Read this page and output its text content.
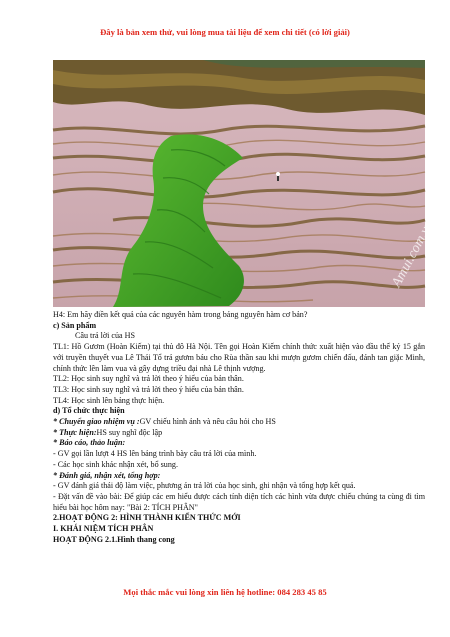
Đây là bản xem thử, vui lòng mua tài liệu để xem chi tiết (có lời giải)
Amui.com.vn

H4: Em hãy điền kết quả của các nguyên hàm trong bảng nguyên hàm cơ bản?

c) Sản phẩm

Câu trả lời của HS

TL1: Hồ Gươm (Hoàn Kiếm) tại thủ đô Hà Nội. Tên gọi Hoàn Kiếm chính thức xuất hiện vào đầu thế kỷ 15 gắn với truyền thuyết vua Lê Thái Tổ trả gươm báu cho Rùa thần sau khi mượn gươm chiến đấu, đánh tan giặc Minh, chính thức lên làm vua và gây dựng triều đại nhà Lê thịnh vượng.

TL2: Học sinh suy nghĩ và trả lời theo ý hiểu của bản thân.

TL3: Học sinh suy nghĩ và trả lời theo ý hiểu của bản thân.

TL4: Học sinh lên bảng thực hiện.

d) Tổ chức thực hiện

* Chuyển giao nhiệm vụ :GV chiếu hình ảnh và nêu câu hỏi cho HS

* Thực hiện:HS suy nghĩ độc lập

* Báo cáo, thảo luận:

- GV gọi lần lượt 4 HS lên bảng trình bày câu trả lời của mình.

- Các học sinh khác nhận xét, bổ sung.

* Đánh giá, nhận xét, tổng hợp:

- GV đánh giá thái độ làm việc, phương án trả lời của học sinh, ghi nhận và tổng hợp kết quả.

- Đặt vấn đề vào bài: Để giúp các em hiểu được cách tính diện tích các hình vừa được chiếu chúng ta cùng đi tìm hiểu bài học hôm nay: "Bài 2: TÍCH PHÂN"

2.HOẠT ĐỘNG 2: HÌNH THÀNH KIẾN THỨC MỚI

I. KHÁI NIỆM TÍCH PHÂN

HOẠT ĐỘNG 2.1.Hình thang cong

Mọi thắc mắc vui lòng xin liên hệ hotline: 084 283 45 85
